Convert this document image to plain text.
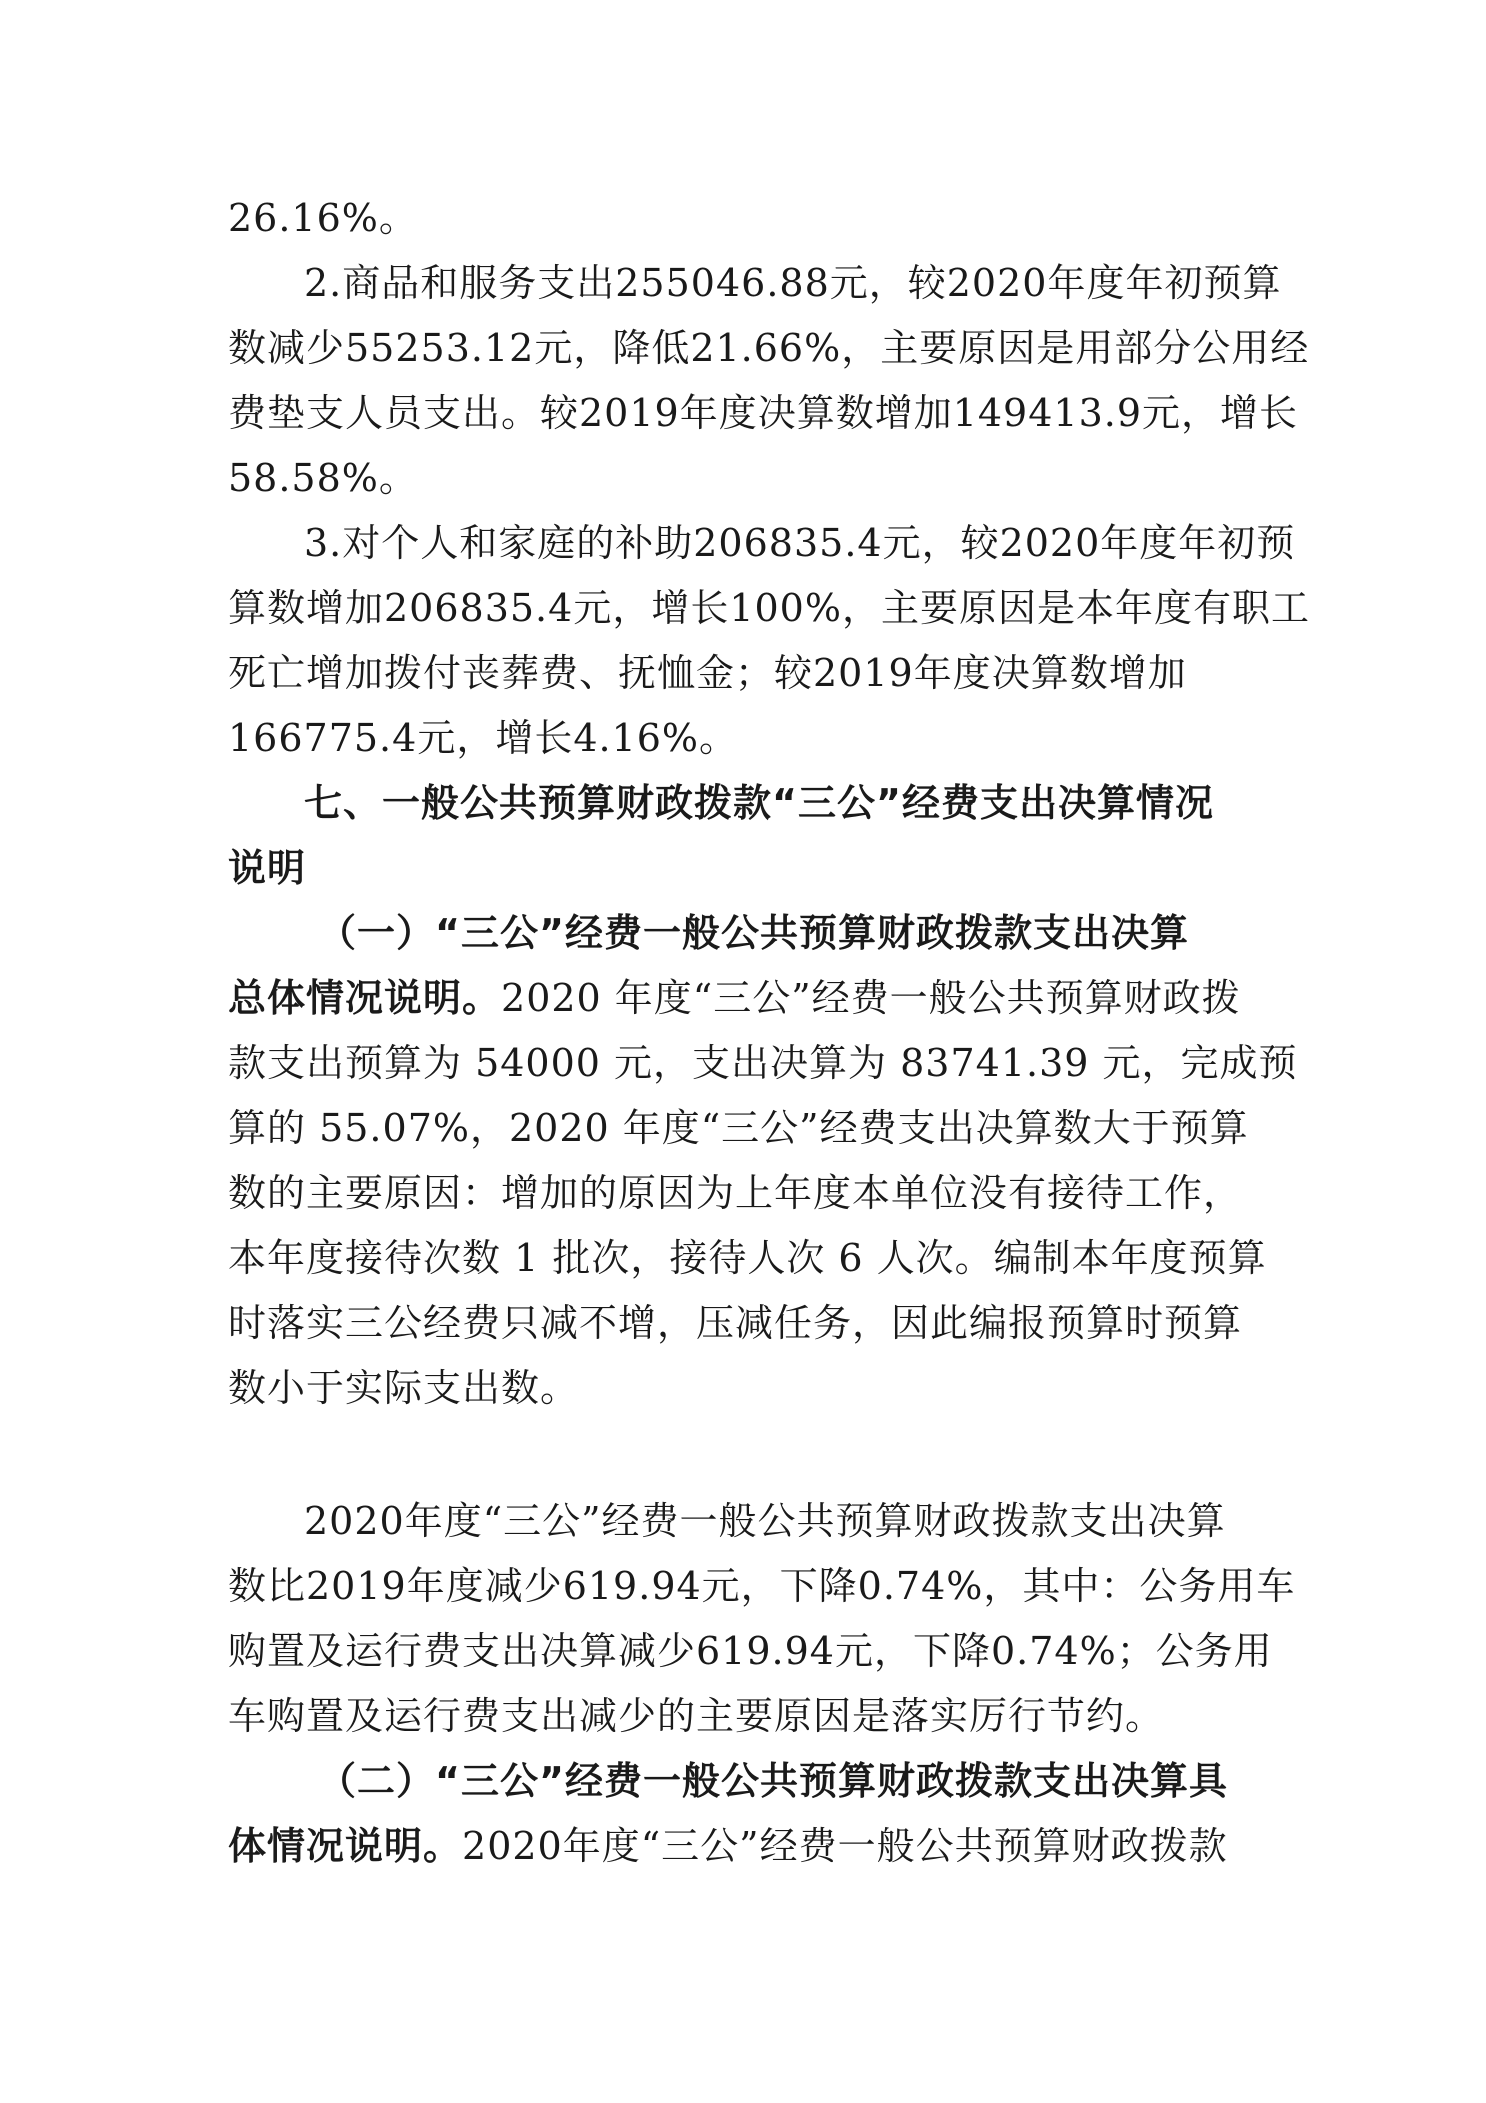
26.16%。

2.商品和服务支出255046.88元，较2020年度年初预算

数减少55253.12元，降低21.66%，主要原因是用部分公用经

费垫支人员支出。较2019年度决算数增加149413.9元，增长

58.58%。

3.对个人和家庭的补助206835.4元，较2020年度年初预

算数增加206835.4元，增长100%，主要原因是本年度有职工

死亡增加拨付丧葬费、抚恤金；较2019年度决算数增加

166775.4元，增长4.16%。

七、一般公共预算财政拨款“三公”经费支出决算情况

说明

（一）“三公”经费一般公共预算财政拨款支出决算

总体情况说明。2020 年度“三公”经费一般公共预算财政拨

款支出预算为 54000 元，支出决算为 83741.39 元，完成预

算的 55.07%，2020 年度“三公”经费支出决算数大于预算

数的主要原因：增加的原因为上年度本单位没有接待工作，

本年度接待次数 1 批次，接待人次 6 人次。编制本年度预算

时落实三公经费只减不增，压减任务，因此编报预算时预算

数小于实际支出数。

2020年度“三公”经费一般公共预算财政拨款支出决算

数比2019年度减少619.94元，下降0.74%，其中：公务用车

购置及运行费支出决算减少619.94元，下降0.74%；公务用

车购置及运行费支出减少的主要原因是落实厉行节约。

（二）“三公”经费一般公共预算财政拨款支出决算具

体情况说明。2020年度“三公”经费一般公共预算财政拨款
